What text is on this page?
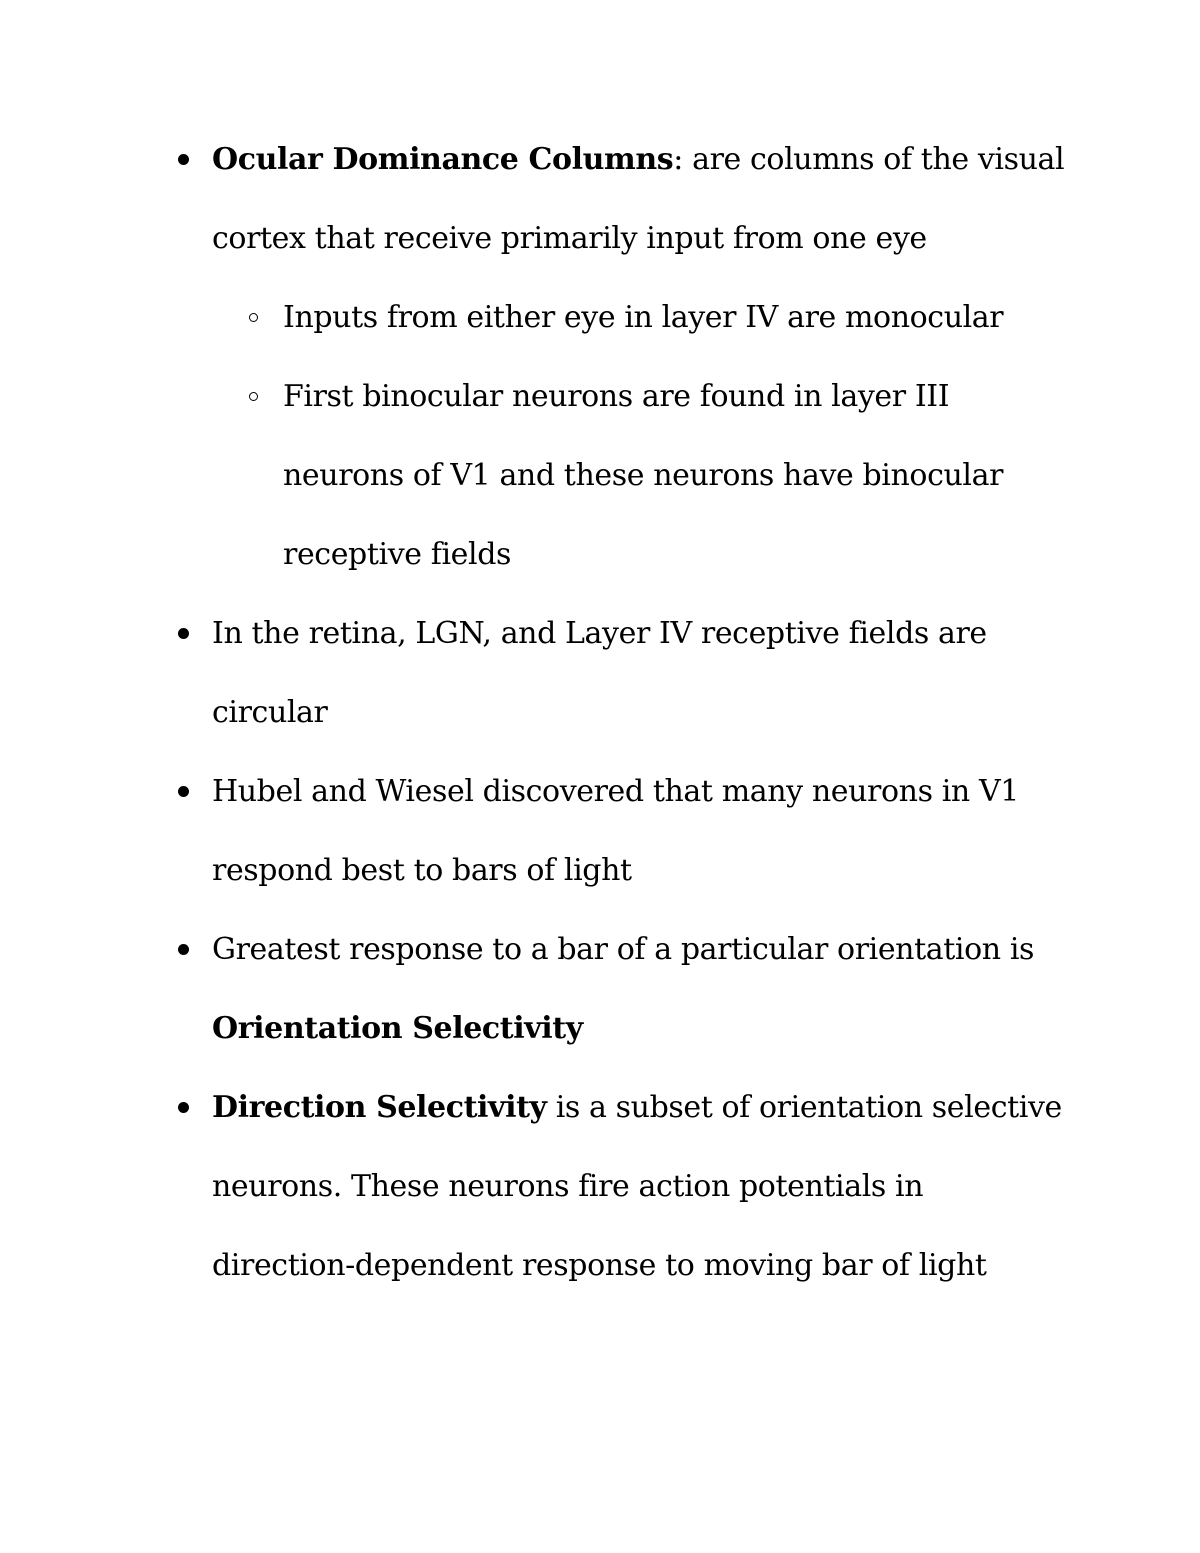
Ocular Dominance Columns: are columns of the visual cortex that receive primarily input from one eye
Inputs from either eye in layer IV are monocular
First binocular neurons are found in layer III neurons of V1 and these neurons have binocular receptive fields
In the retina, LGN, and Layer IV receptive fields are circular
Hubel and Wiesel discovered that many neurons in V1 respond best to bars of light
Greatest response to a bar of a particular orientation is Orientation Selectivity
Direction Selectivity is a subset of orientation selective neurons. These neurons fire action potentials in direction-dependent response to moving bar of light
